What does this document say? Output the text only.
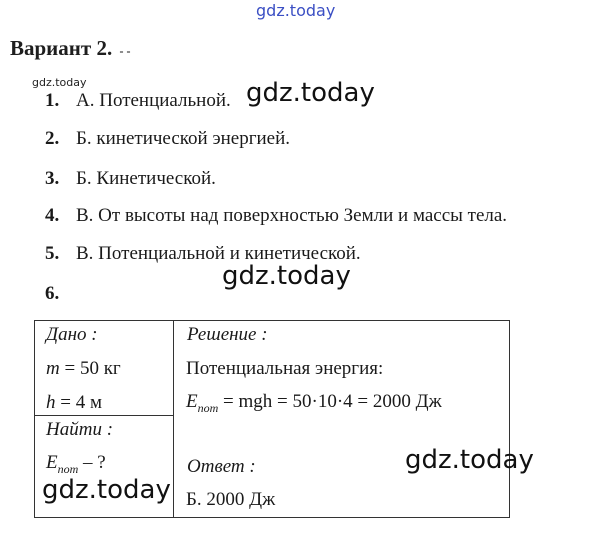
gdz.today
Вариант 2. - -
gdz.today
1. А. Потенциальной.
2. Б. кинетической энергией.
3. Б. Кинетической.
4. В. От высоты над поверхностью Земли и массы тела.
5. В. Потенциальной и кинетической.
6.
Дано :
m = 50 кг
h = 4 м
Найти :
$E_{пот}$ – ?
Решение :
Потенциальная энергия:
$E_{пот}$ = mgh = 50·10·4 = 2000 Дж
Ответ :
Б. 2000 Дж
gdz.today
gdz.today
gdz.today
gdz.today
